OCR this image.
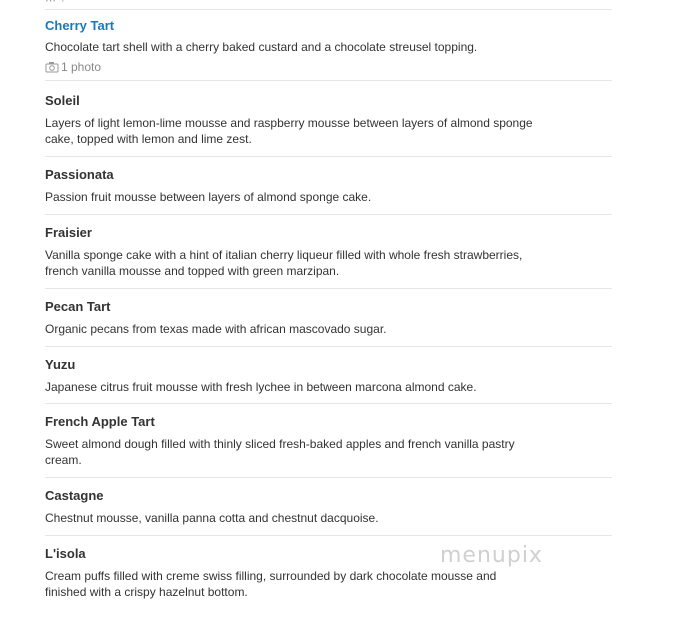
⋯ ·
Cherry Tart
Chocolate tart shell with a cherry baked custard and a chocolate streusel topping.
1 photo
Soleil
Layers of light lemon-lime mousse and raspberry mousse between layers of almond sponge cake, topped with lemon and lime zest.
Passionata
Passion fruit mousse between layers of almond sponge cake.
Fraisier
Vanilla sponge cake with a hint of italian cherry liqueur filled with whole fresh strawberries, french vanilla mousse and topped with green marzipan.
Pecan Tart
Organic pecans from texas made with african mascovado sugar.
Yuzu
Japanese citrus fruit mousse with fresh lychee in between marcona almond cake.
French Apple Tart
Sweet almond dough filled with thinly sliced fresh-baked apples and french vanilla pastry cream.
Castagne
Chestnut mousse, vanilla panna cotta and chestnut dacquoise.
L'isola
Cream puffs filled with creme swiss filling, surrounded by dark chocolate mousse and finished with a crispy hazelnut bottom.
menupix
